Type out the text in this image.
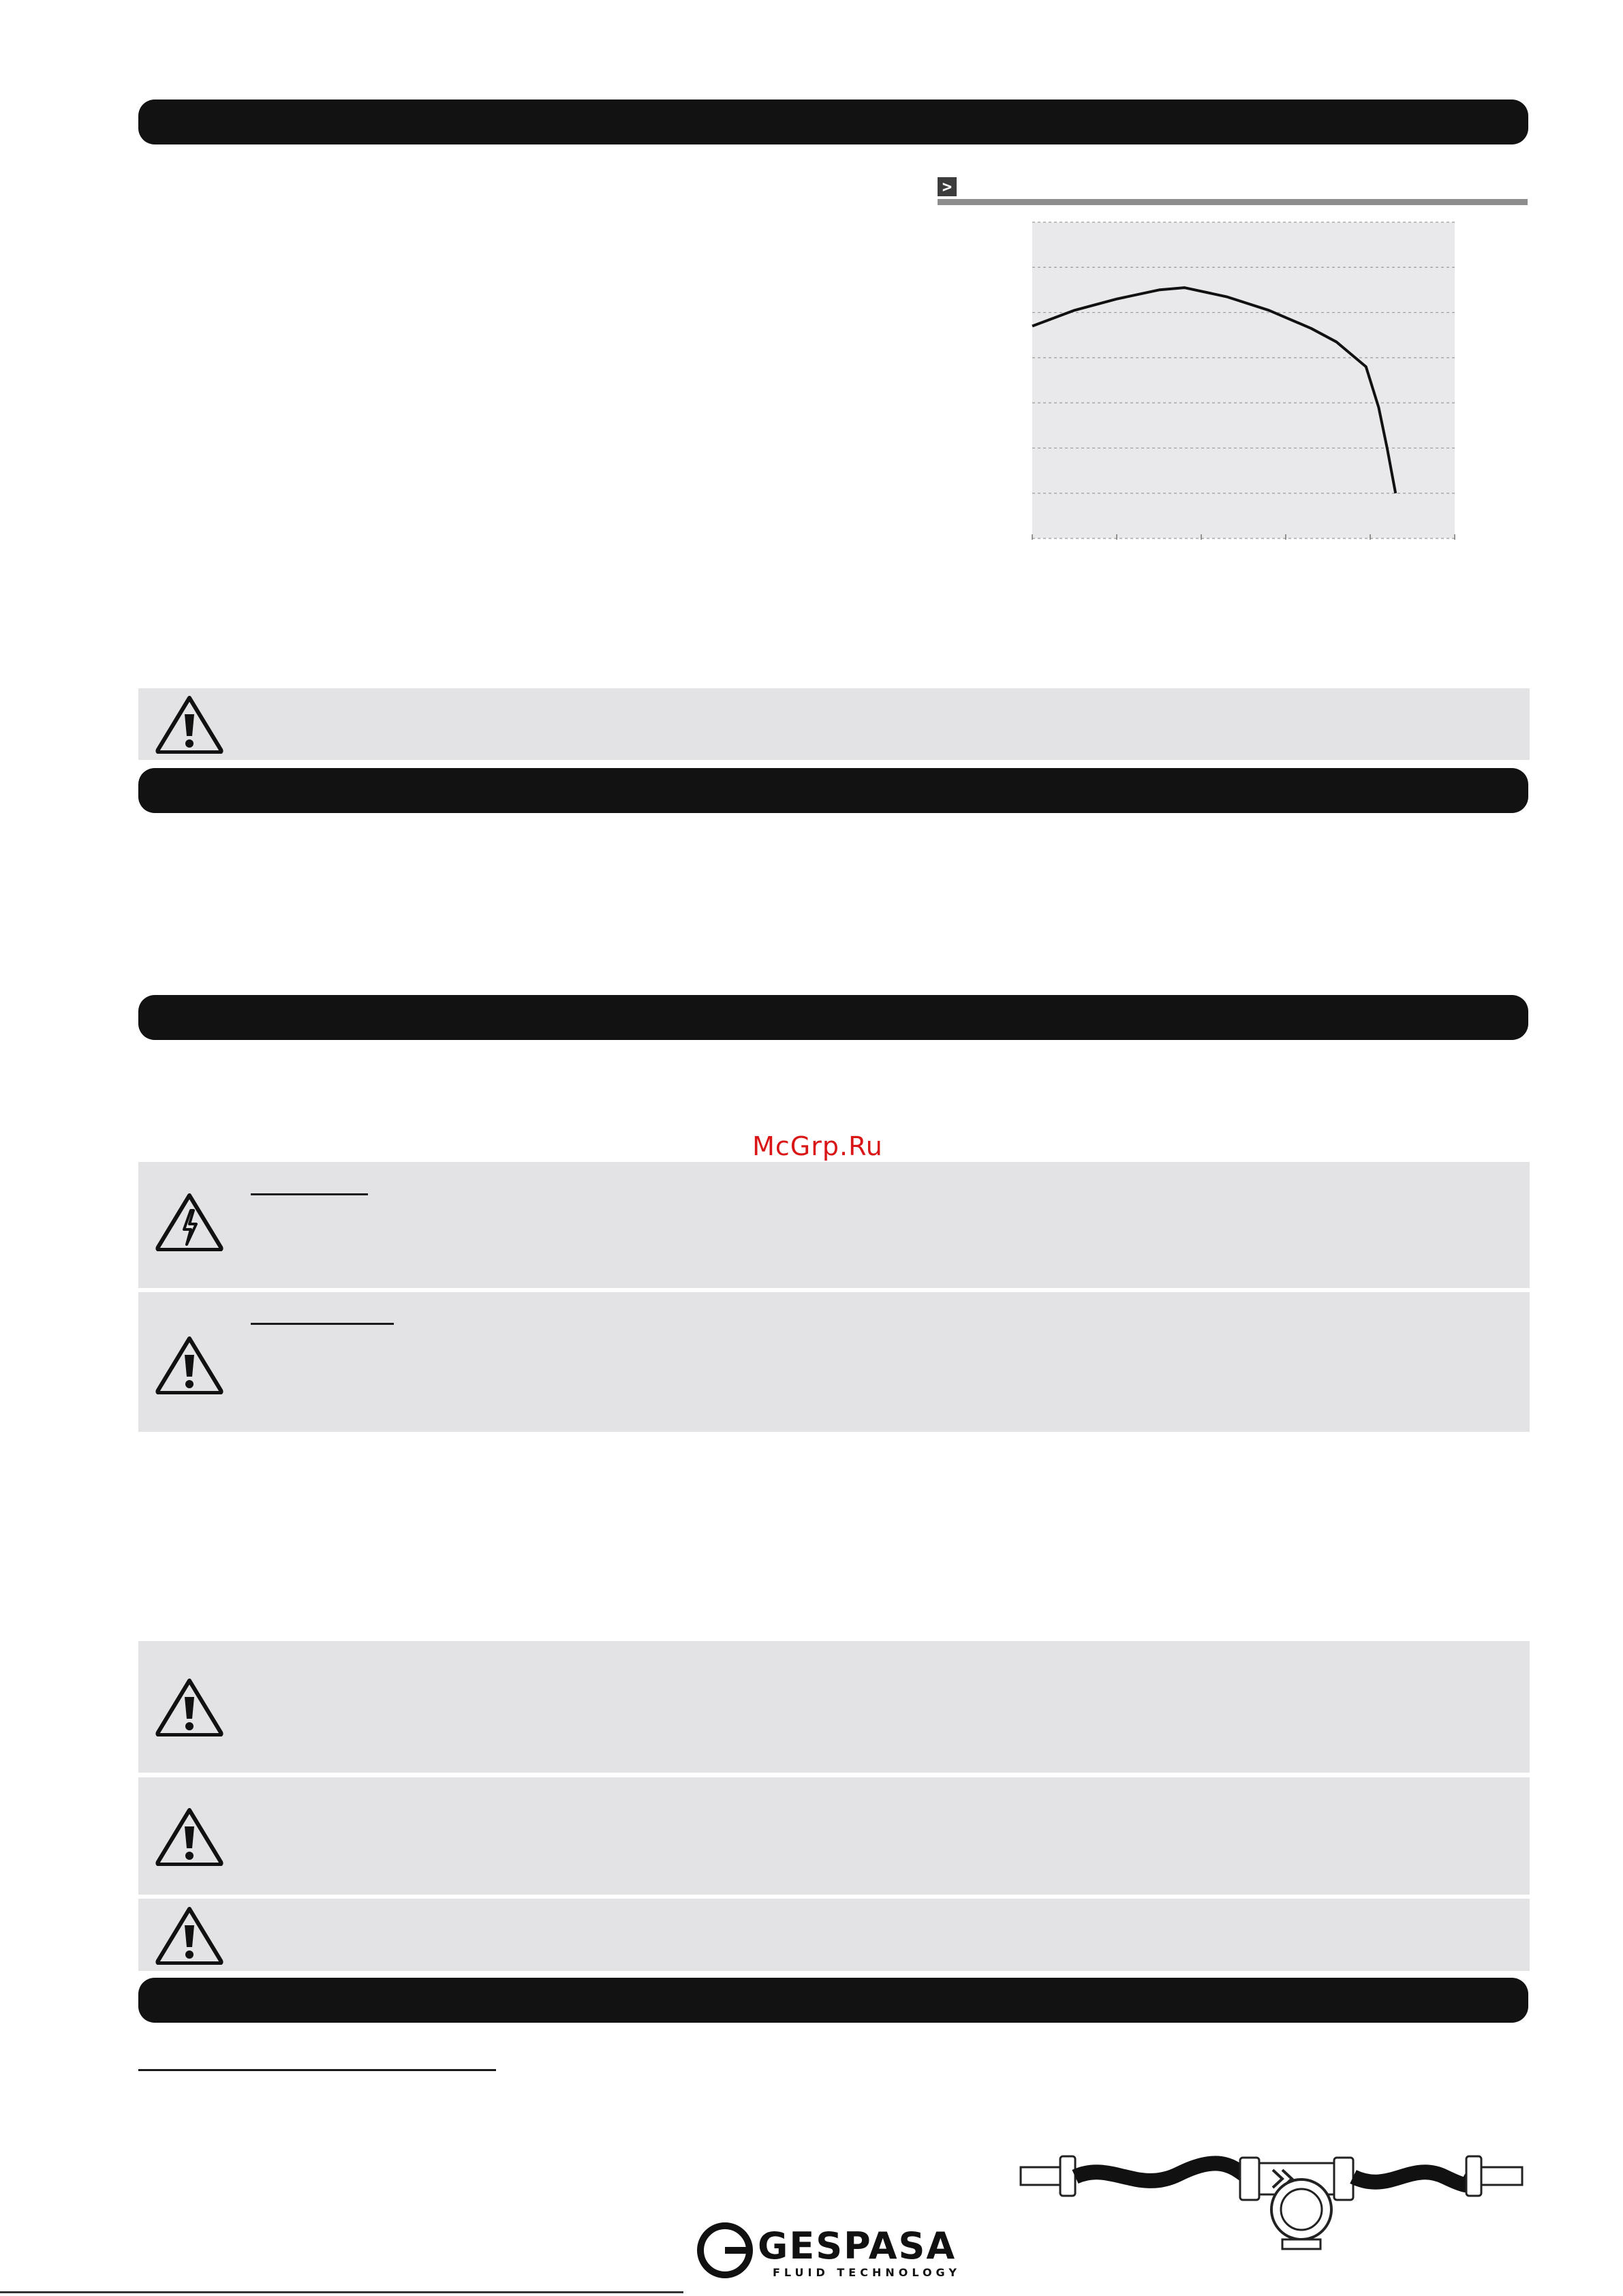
>
McGrp.Ru
GESPASA
FLUID TECHNOLOGY
